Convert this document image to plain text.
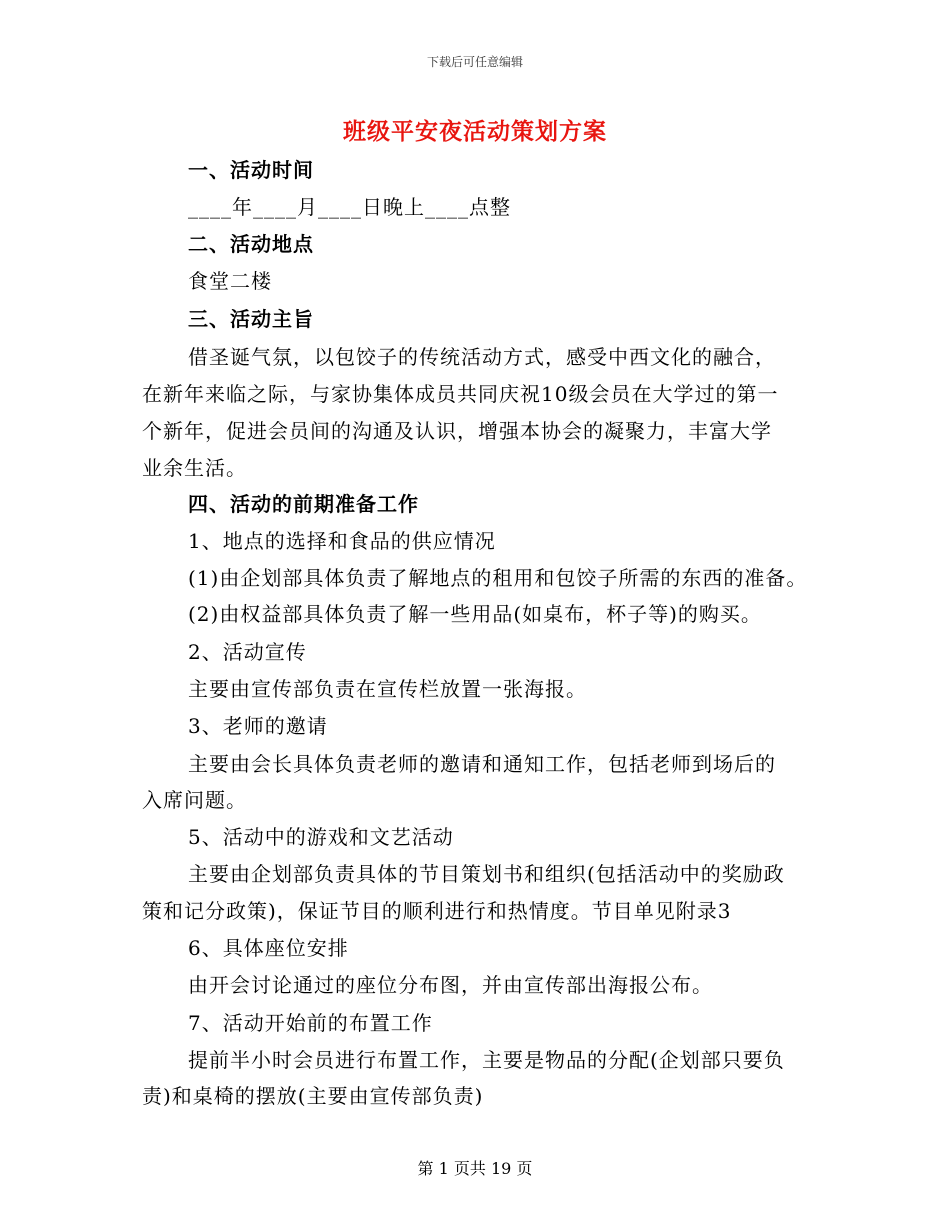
下载后可任意编辑
班级平安夜活动策划方案
一、活动时间
____年____月____日晚上____点整
二、活动地点
食堂二楼
三、活动主旨
借圣诞气氛，以包饺子的传统活动方式，感受中西文化的融合，
在新年来临之际，与家协集体成员共同庆祝10级会员在大学过的第一
个新年，促进会员间的沟通及认识，增强本协会的凝聚力，丰富大学
业余生活。
四、活动的前期准备工作
1、地点的选择和食品的供应情况
(1)由企划部具体负责了解地点的租用和包饺子所需的东西的准备。
(2)由权益部具体负责了解一些用品(如桌布，杯子等)的购买。
2、活动宣传
主要由宣传部负责在宣传栏放置一张海报。
3、老师的邀请
主要由会长具体负责老师的邀请和通知工作，包括老师到场后的
入席问题。
5、活动中的游戏和文艺活动
主要由企划部负责具体的节目策划书和组织(包括活动中的奖励政
策和记分政策)，保证节目的顺利进行和热情度。节目单见附录3
6、具体座位安排
由开会讨论通过的座位分布图，并由宣传部出海报公布。
7、活动开始前的布置工作
提前半小时会员进行布置工作，主要是物品的分配(企划部只要负
责)和桌椅的摆放(主要由宣传部负责)
第 1 页共 19 页
